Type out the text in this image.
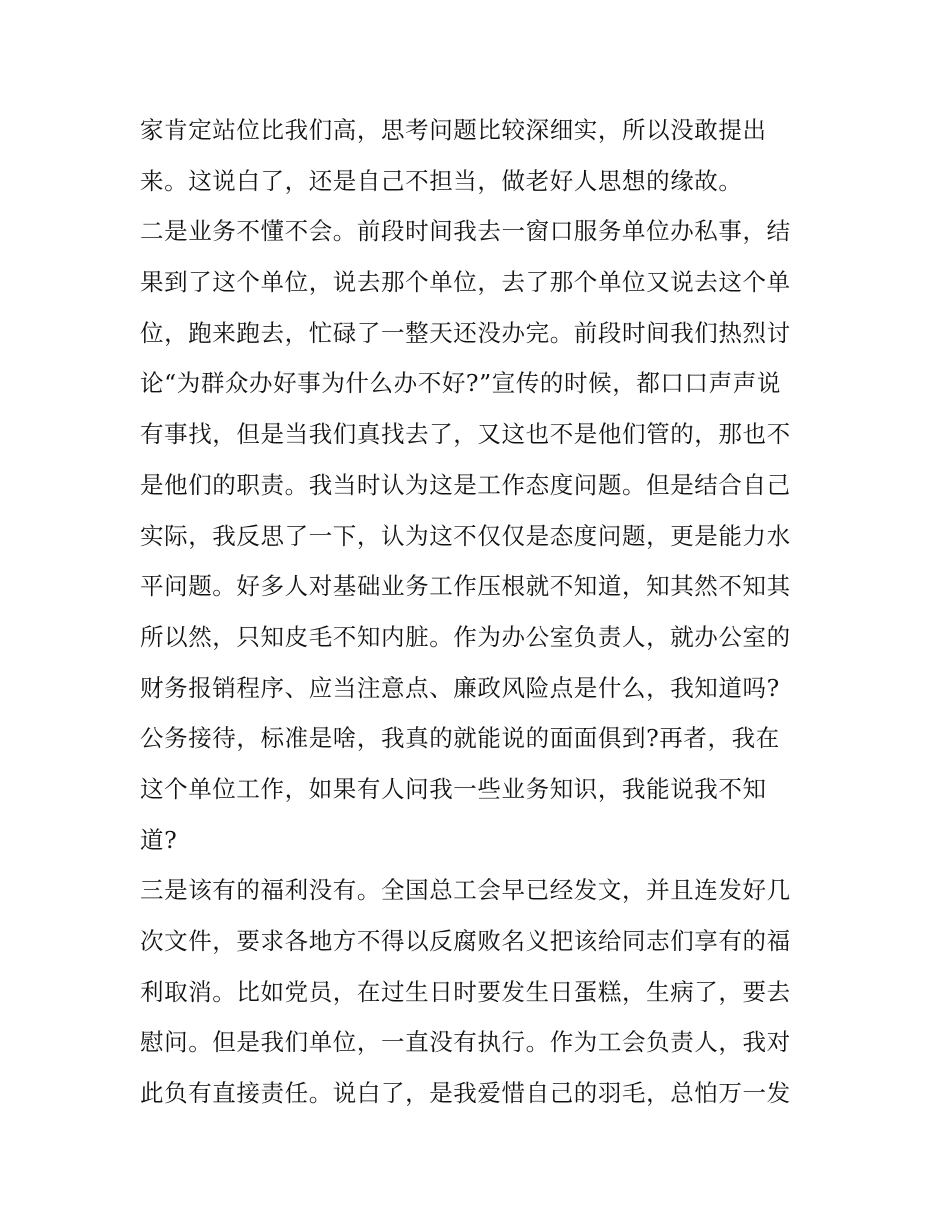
家肯定站位比我们高，思考问题比较深细实，所以没敢提出
来。这说白了，还是自己不担当，做老好人思想的缘故。
二是业务不懂不会。前段时间我去一窗口服务单位办私事，结
果到了这个单位，说去那个单位，去了那个单位又说去这个单
位，跑来跑去，忙碌了一整天还没办完。前段时间我们热烈讨
论“为群众办好事为什么办不好?”宣传的时候，都口口声声说
有事找，但是当我们真找去了，又这也不是他们管的，那也不
是他们的职责。我当时认为这是工作态度问题。但是结合自己
实际，我反思了一下，认为这不仅仅是态度问题，更是能力水
平问题。好多人对基础业务工作压根就不知道，知其然不知其
所以然，只知皮毛不知内脏。作为办公室负责人，就办公室的
财务报销程序、应当注意点、廉政风险点是什么，我知道吗?
公务接待，标准是啥，我真的就能说的面面俱到?再者，我在
这个单位工作，如果有人问我一些业务知识，我能说我不知
道?
三是该有的福利没有。全国总工会早已经发文，并且连发好几
次文件，要求各地方不得以反腐败名义把该给同志们享有的福
利取消。比如党员，在过生日时要发生日蛋糕，生病了，要去
慰问。但是我们单位，一直没有执行。作为工会负责人，我对
此负有直接责任。说白了，是我爱惜自己的羽毛，总怕万一发
